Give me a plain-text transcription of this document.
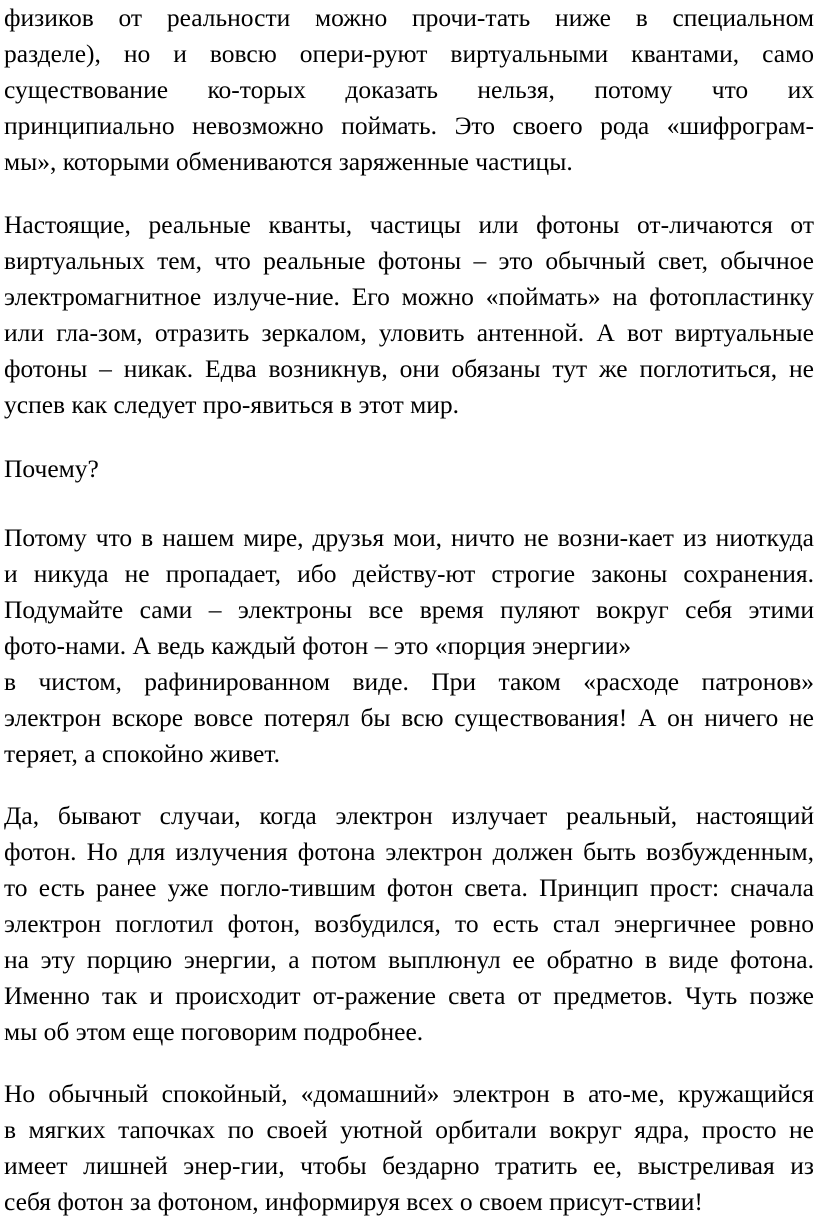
физиков от реальности можно прочи-тать ниже в специальном
разделе), но и вовсю опери-руют виртуальными квантами, само
существование ко-торых доказать нельзя, потому что их
принципиально невозможно поймать. Это своего рода «шифрограм-
мы», которыми обмениваются заряженные частицы.
Настоящие, реальные кванты, частицы или фотоны от-личаются от
виртуальных тем, что реальные фотоны – это обычный свет, обычное
электромагнитное излуче-ние. Его можно «поймать» на фотопластинку
или гла-зом, отразить зеркалом, уловить антенной. А вот виртуальные
фотоны – никак. Едва возникнув, они обязаны тут же поглотиться, не
успев как следует про-явиться в этот мир.
Почему?
Потому что в нашем мире, друзья мои, ничто не возни-кает из ниоткуда
и никуда не пропадает, ибо действу-ют строгие законы сохранения.
Подумайте сами – электроны все время пуляют вокруг себя этими
фото-нами. А ведь каждый фотон – это «порция энергии»
в чистом, рафинированном виде. При таком «расходе патронов»
электрон вскоре вовсе потерял бы всю существования! А он ничего не
теряет, а спокойно живет.
Да, бывают случаи, когда электрон излучает реальный, настоящий
фотон. Но для излучения фотона электрон должен быть возбужденным,
то есть ранее уже погло-тившим фотон света. Принцип прост: сначала
электрон поглотил фотон, возбудился, то есть стал энергичнее ровно
на эту порцию энергии, а потом выплюнул ее обратно в виде фотона.
Именно так и происходит от-ражение света от предметов. Чуть позже
мы об этом еще поговорим подробнее.
Но обычный спокойный, «домашний» электрон в ато-ме, кружащийся
в мягких тапочках по своей уютной орбитали вокруг ядра, просто не
имеет лишней энер-гии, чтобы бездарно тратить ее, выстреливая из
себя фотон за фотоном, информируя всех о своем присут-ствии!
